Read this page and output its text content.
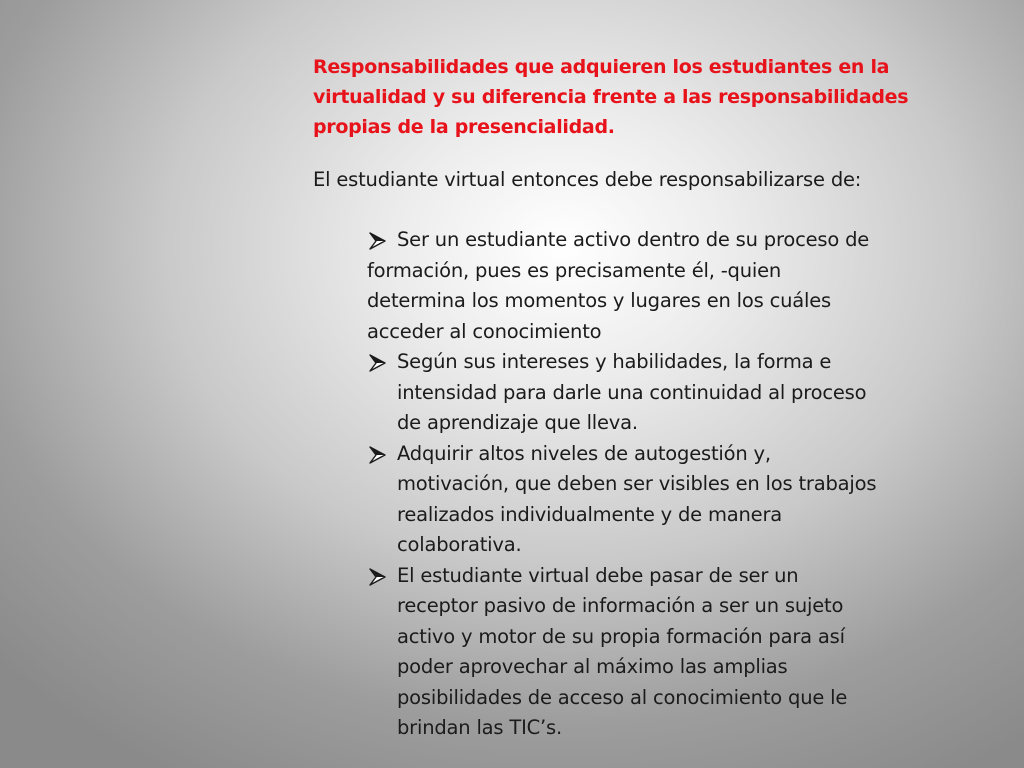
Responsabilidades que adquieren los estudiantes en la
virtualidad y su diferencia frente a las responsabilidades
propias de la presencialidad.

El estudiante virtual entonces debe responsabilizarse de:

Ser un estudiante activo dentro de su proceso de
formación, pues es precisamente él, -quien
determina los momentos y lugares en los cuáles
acceder al conocimiento
Según sus intereses y habilidades, la forma e
intensidad para darle una continuidad al proceso
de aprendizaje que lleva.
Adquirir altos niveles de autogestión y,
motivación, que deben ser visibles en los trabajos
realizados individualmente y de manera
colaborativa.
El estudiante virtual debe pasar de ser un
receptor pasivo de información a ser un sujeto
activo y motor de su propia formación para así
poder aprovechar al máximo las amplias
posibilidades de acceso al conocimiento que le
brindan las TIC’s.
